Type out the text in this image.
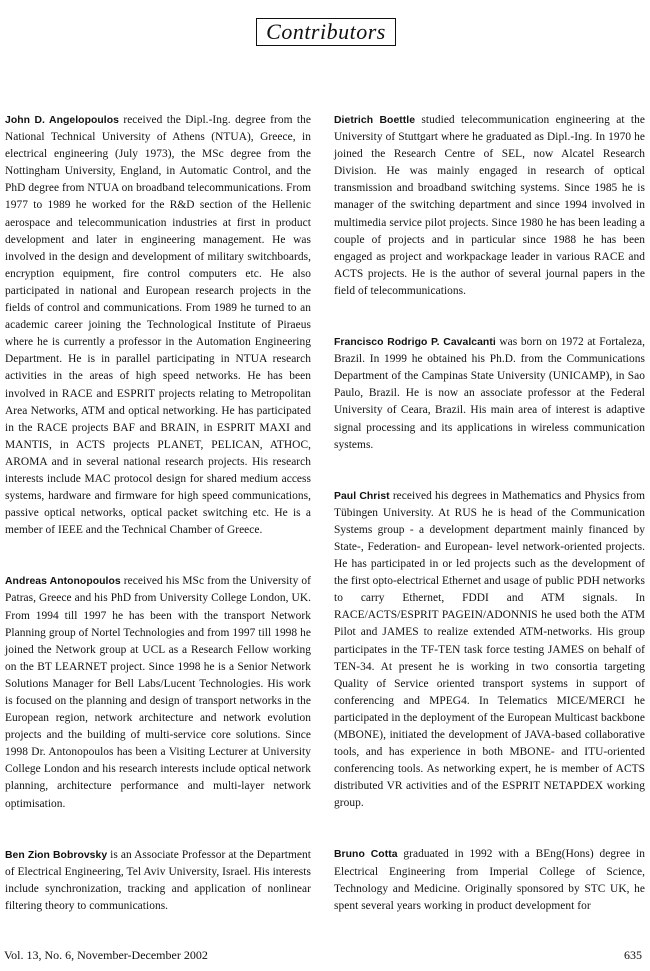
Contributors

John D. Angelopoulos received the Dipl.-Ing. degree from the National Technical University of Athens (NTUA), Greece, in electrical engineering (July 1973), the MSc degree from the Nottingham University, England, in Automatic Control, and the PhD degree from NTUA on broadband telecommunications. From 1977 to 1989 he worked for the R&D section of the Hellenic aerospace and telecommunication industries at first in product development and later in engineering management. He was involved in the design and development of military switchboards, encryption equipment, fire control computers etc. He also participated in national and European research projects in the fields of control and communications. From 1989 he turned to an academic career joining the Technological Institute of Piraeus where he is currently a professor in the Automation Engineering Department. He is in parallel participating in NTUA research activities in the areas of high speed networks. He has been involved in RACE and ESPRIT projects relating to Metropolitan Area Networks, ATM and optical networking. He has participated in the RACE projects BAF and BRAIN, in ESPRIT MAXI and MANTIS, in ACTS projects PLANET, PELICAN, ATHOC, AROMA and in several national research projects. His research interests include MAC protocol design for shared medium access systems, hardware and firmware for high speed communications, passive optical networks, optical packet switching etc. He is a member of IEEE and the Technical Chamber of Greece.

Andreas Antonopoulos received his MSc from the University of Patras, Greece and his PhD from University College London, UK. From 1994 till 1997 he has been with the transport Network Planning group of Nortel Technologies and from 1997 till 1998 he joined the Network group at UCL as a Research Fellow working on the BT LEARNET project. Since 1998 he is a Senior Network Solutions Manager for Bell Labs/Lucent Technologies. His work is focused on the planning and design of transport networks in the European region, network architecture and network evolution projects and the building of multi-service core solutions. Since 1998 Dr. Antonopoulos has been a Visiting Lecturer at University College London and his research interests include optical network planning, architecture performance and multi-layer network optimisation.

Ben Zion Bobrovsky is an Associate Professor at the Department of Electrical Engineering, Tel Aviv University, Israel. His interests include synchronization, tracking and application of nonlinear filtering theory to communications.

Dietrich Boettle studied telecommunication engineering at the University of Stuttgart where he graduated as Dipl.-Ing. In 1970 he joined the Research Centre of SEL, now Alcatel Research Division. He was mainly engaged in research of optical transmission and broadband switching systems. Since 1985 he is manager of the switching department and since 1994 involved in multimedia service pilot projects. Since 1980 he has been leading a couple of projects and in particular since 1988 he has been engaged as project and workpackage leader in various RACE and ACTS projects. He is the author of several journal papers in the field of telecommunications.

Francisco Rodrigo P. Cavalcanti was born on 1972 at Fortaleza, Brazil. In 1999 he obtained his Ph.D. from the Communications Department of the Campinas State University (UNICAMP), in Sao Paulo, Brazil. He is now an associate professor at the Federal University of Ceara, Brazil. His main area of interest is adaptive signal processing and its applications in wireless communication systems.

Paul Christ received his degrees in Mathematics and Physics from Tübingen University. At RUS he is head of the Communication Systems group - a development department mainly financed by State-, Federation- and European- level network-oriented projects. He has participated in or led projects such as the development of the first opto-electrical Ethernet and usage of public PDH networks to carry Ethernet, FDDI and ATM signals. In RACE/ACTS/ESPRIT PAGEIN/ADONNIS he used both the ATM Pilot and JAMES to realize extended ATM-networks. His group participates in the TF-TEN task force testing JAMES on behalf of TEN-34. At present he is working in two consortia targeting Quality of Service oriented transport systems in support of conferencing and MPEG4. In Telematics MICE/MERCI he participated in the deployment of the European Multicast backbone (MBONE), initiated the development of JAVA-based collaborative tools, and has experience in both MBONE- and ITU-oriented conferencing tools. As networking expert, he is member of ACTS distributed VR activities and of the ESPRIT NETAPDEX working group.

Bruno Cotta graduated in 1992 with a BEng(Hons) degree in Electrical Engineering from Imperial College of Science, Technology and Medicine. Originally sponsored by STC UK, he spent several years working in product development for

Vol. 13, No. 6, November-December 2002	635
